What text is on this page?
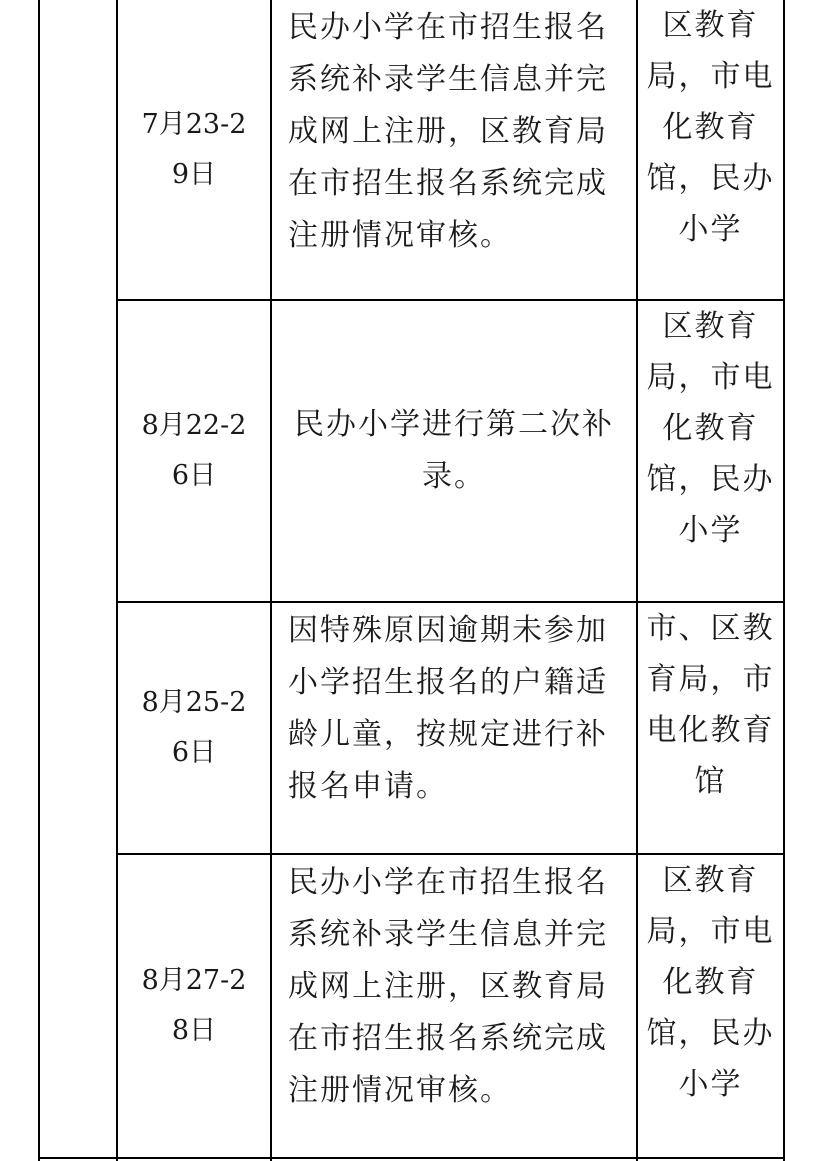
7月23-2
9日
民办小学在市招生报名系统补录学生信息并完成网上注册，区教育局在市招生报名系统完成注册情况审核。
区教育局，市电化教育馆，民办小学
8月22-2
6日
民办小学进行第二次补录。
区教育局，市电化教育馆，民办小学
8月25-2
6日
因特殊原因逾期未参加小学招生报名的户籍适龄儿童，按规定进行补报名申请。
市、区教育局，市电化教育馆
8月27-2
8日
民办小学在市招生报名系统补录学生信息并完成网上注册，区教育局在市招生报名系统完成注册情况审核。
区教育局，市电化教育馆，民办小学
